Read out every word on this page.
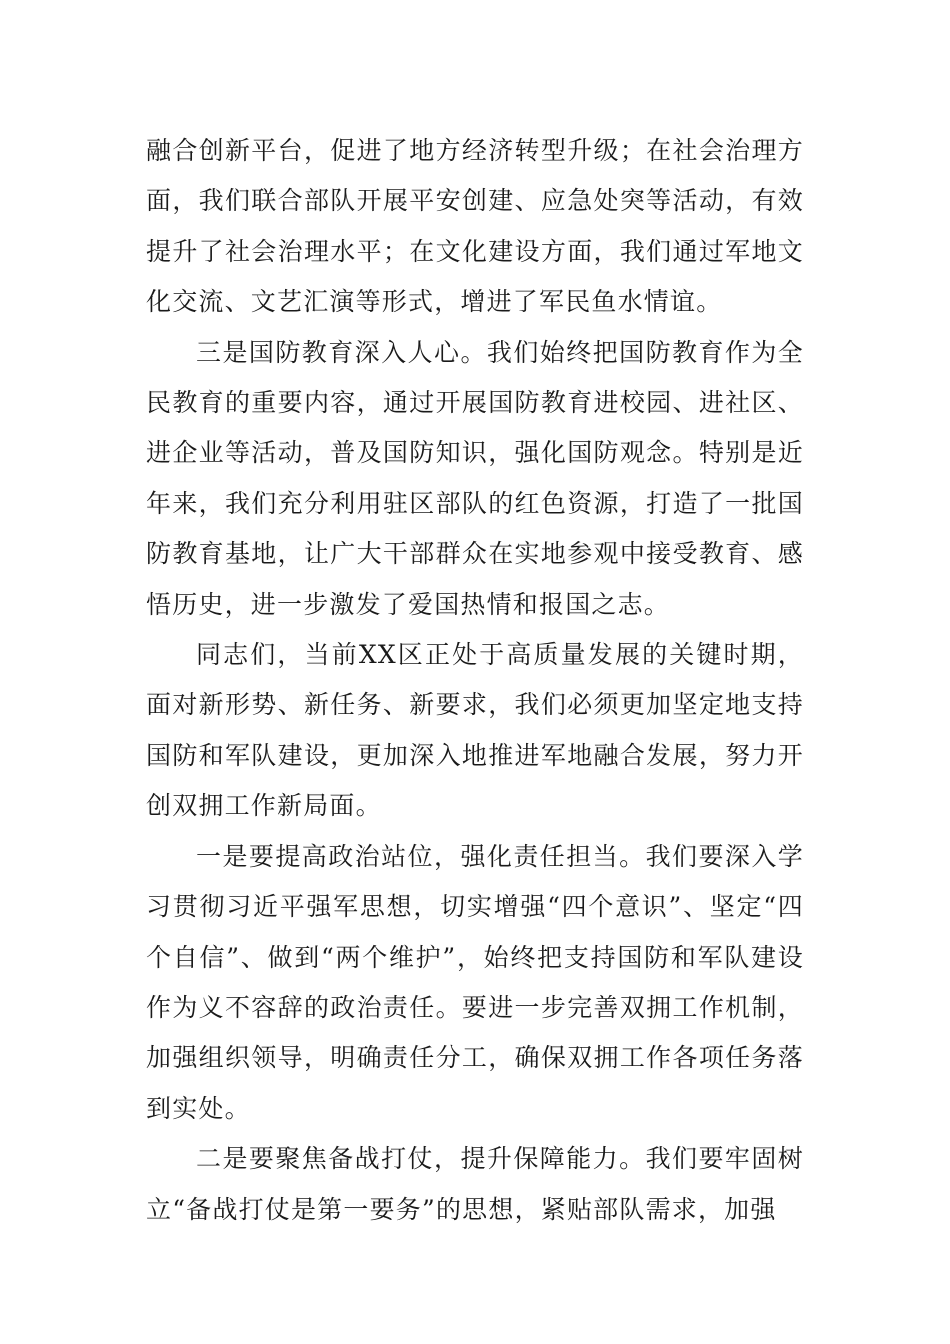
融合创新平台，促进了地方经济转型升级；在社会治理方面，我们联合部队开展平安创建、应急处突等活动，有效提升了社会治理水平；在文化建设方面，我们通过军地文化交流、文艺汇演等形式，增进了军民鱼水情谊。

三是国防教育深入人心。我们始终把国防教育作为全民教育的重要内容，通过开展国防教育进校园、进社区、进企业等活动，普及国防知识，强化国防观念。特别是近年来，我们充分利用驻区部队的红色资源，打造了一批国防教育基地，让广大干部群众在实地参观中接受教育、感悟历史，进一步激发了爱国热情和报国之志。

同志们，当前XX区正处于高质量发展的关键时期，面对新形势、新任务、新要求，我们必须更加坚定地支持国防和军队建设，更加深入地推进军地融合发展，努力开创双拥工作新局面。

一是要提高政治站位，强化责任担当。我们要深入学习贯彻习近平强军思想，切实增强“四个意识”、坚定“四个自信”、做到“两个维护”，始终把支持国防和军队建设作为义不容辞的政治责任。要进一步完善双拥工作机制，加强组织领导，明确责任分工，确保双拥工作各项任务落到实处。

二是要聚焦备战打仗，提升保障能力。我们要牢固树立“备战打仗是第一要务”的思想，紧贴部队需求，加强
